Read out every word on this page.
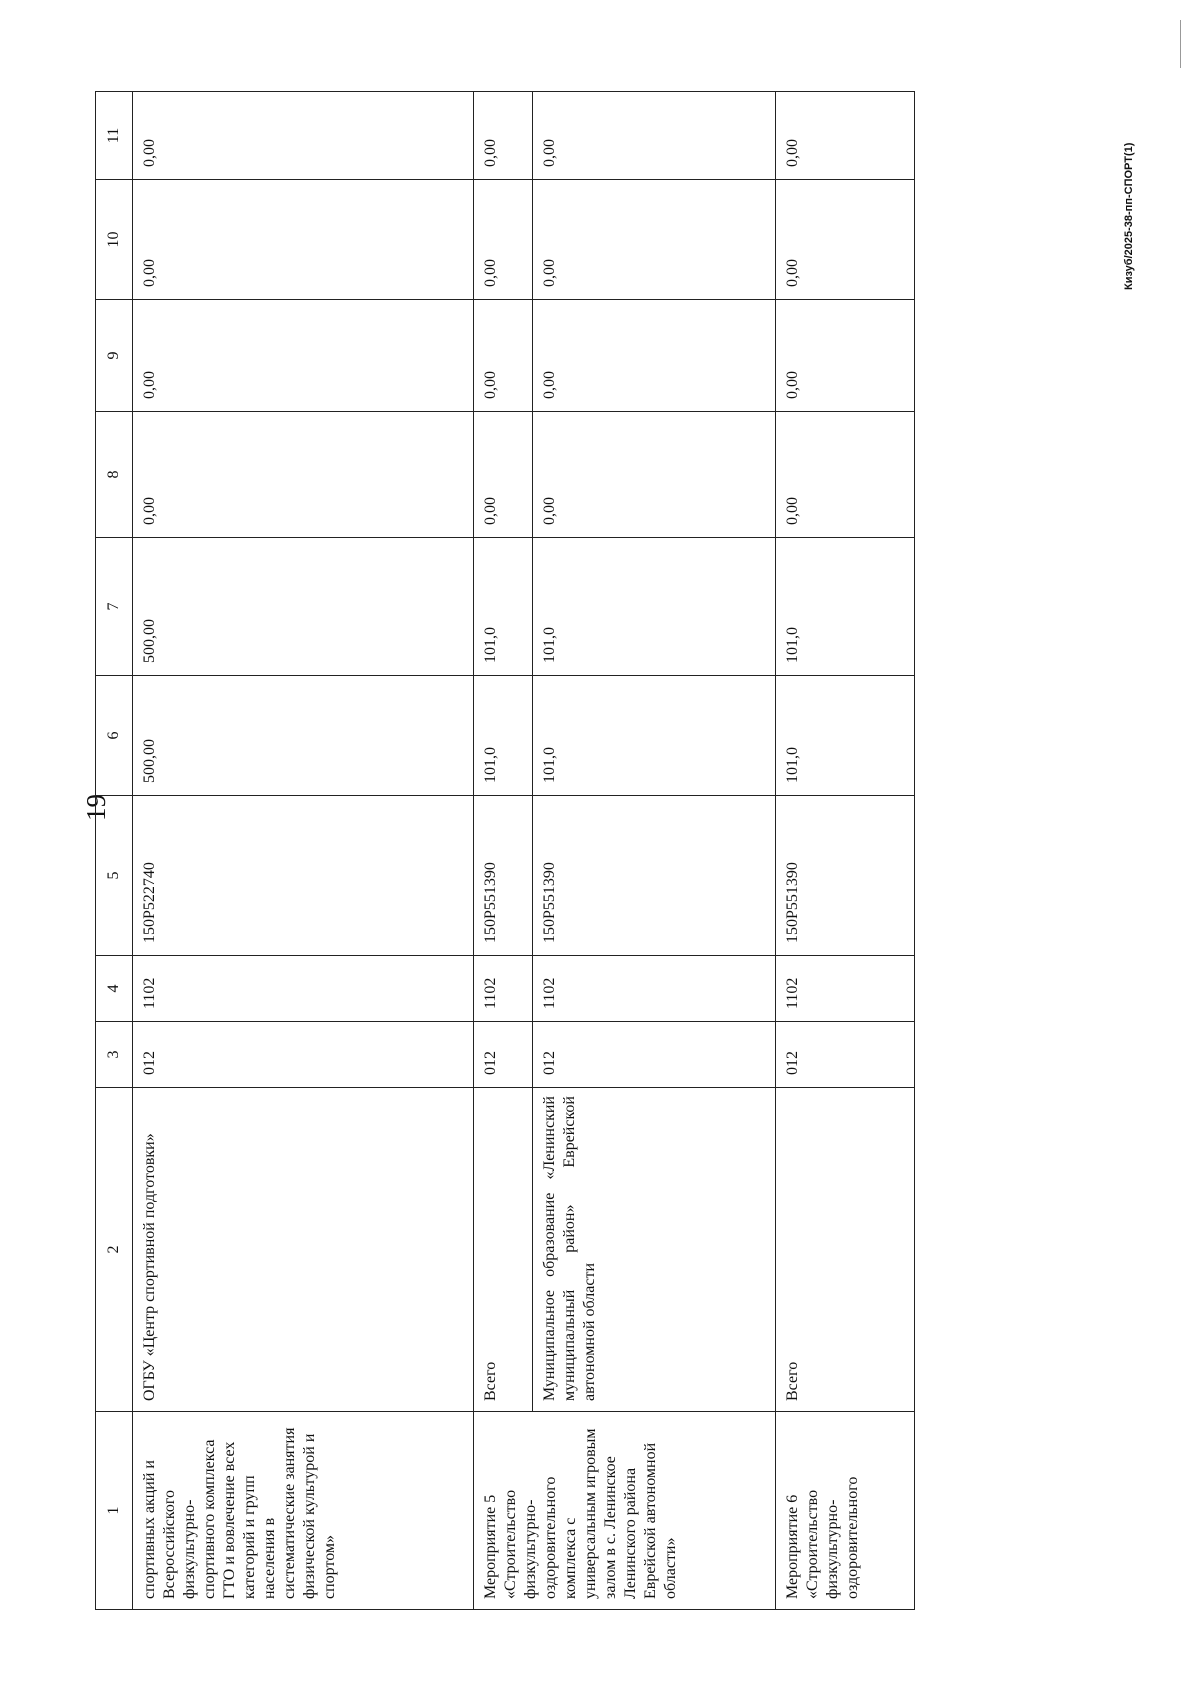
19
Кизуб/2025-38-пп-СПОРТ(1)
1	2	3	4	5	6	7	8	9	10	11
спортивных акций и Всероссийского физкультурно-спортивного комплекса ГТО и вовлечение всех категорий и групп населения в систематические занятия физической культурой и спортом»	ОГБУ «Центр спортивной подготовки»	012	1102	150P522740	500,00	500,00	0,00	0,00	0,00	0,00
Мероприятие 5 «Строительство физкультурно-оздоровительного комплекса с универсальным игровым залом в с. Ленинское Ленинского района Еврейской автономной области»	Всего	012	1102	150P551390	101,0	101,0	0,00	0,00	0,00	0,00
	Муниципальное образование «Ленинский муниципальный район» Еврейской автономной области	012	1102	150P551390	101,0	101,0	0,00	0,00	0,00	0,00
Мероприятие 6 «Строительство физкультурно-оздоровительного	Всего	012	1102	150P551390	101,0	101,0	0,00	0,00	0,00	0,00
